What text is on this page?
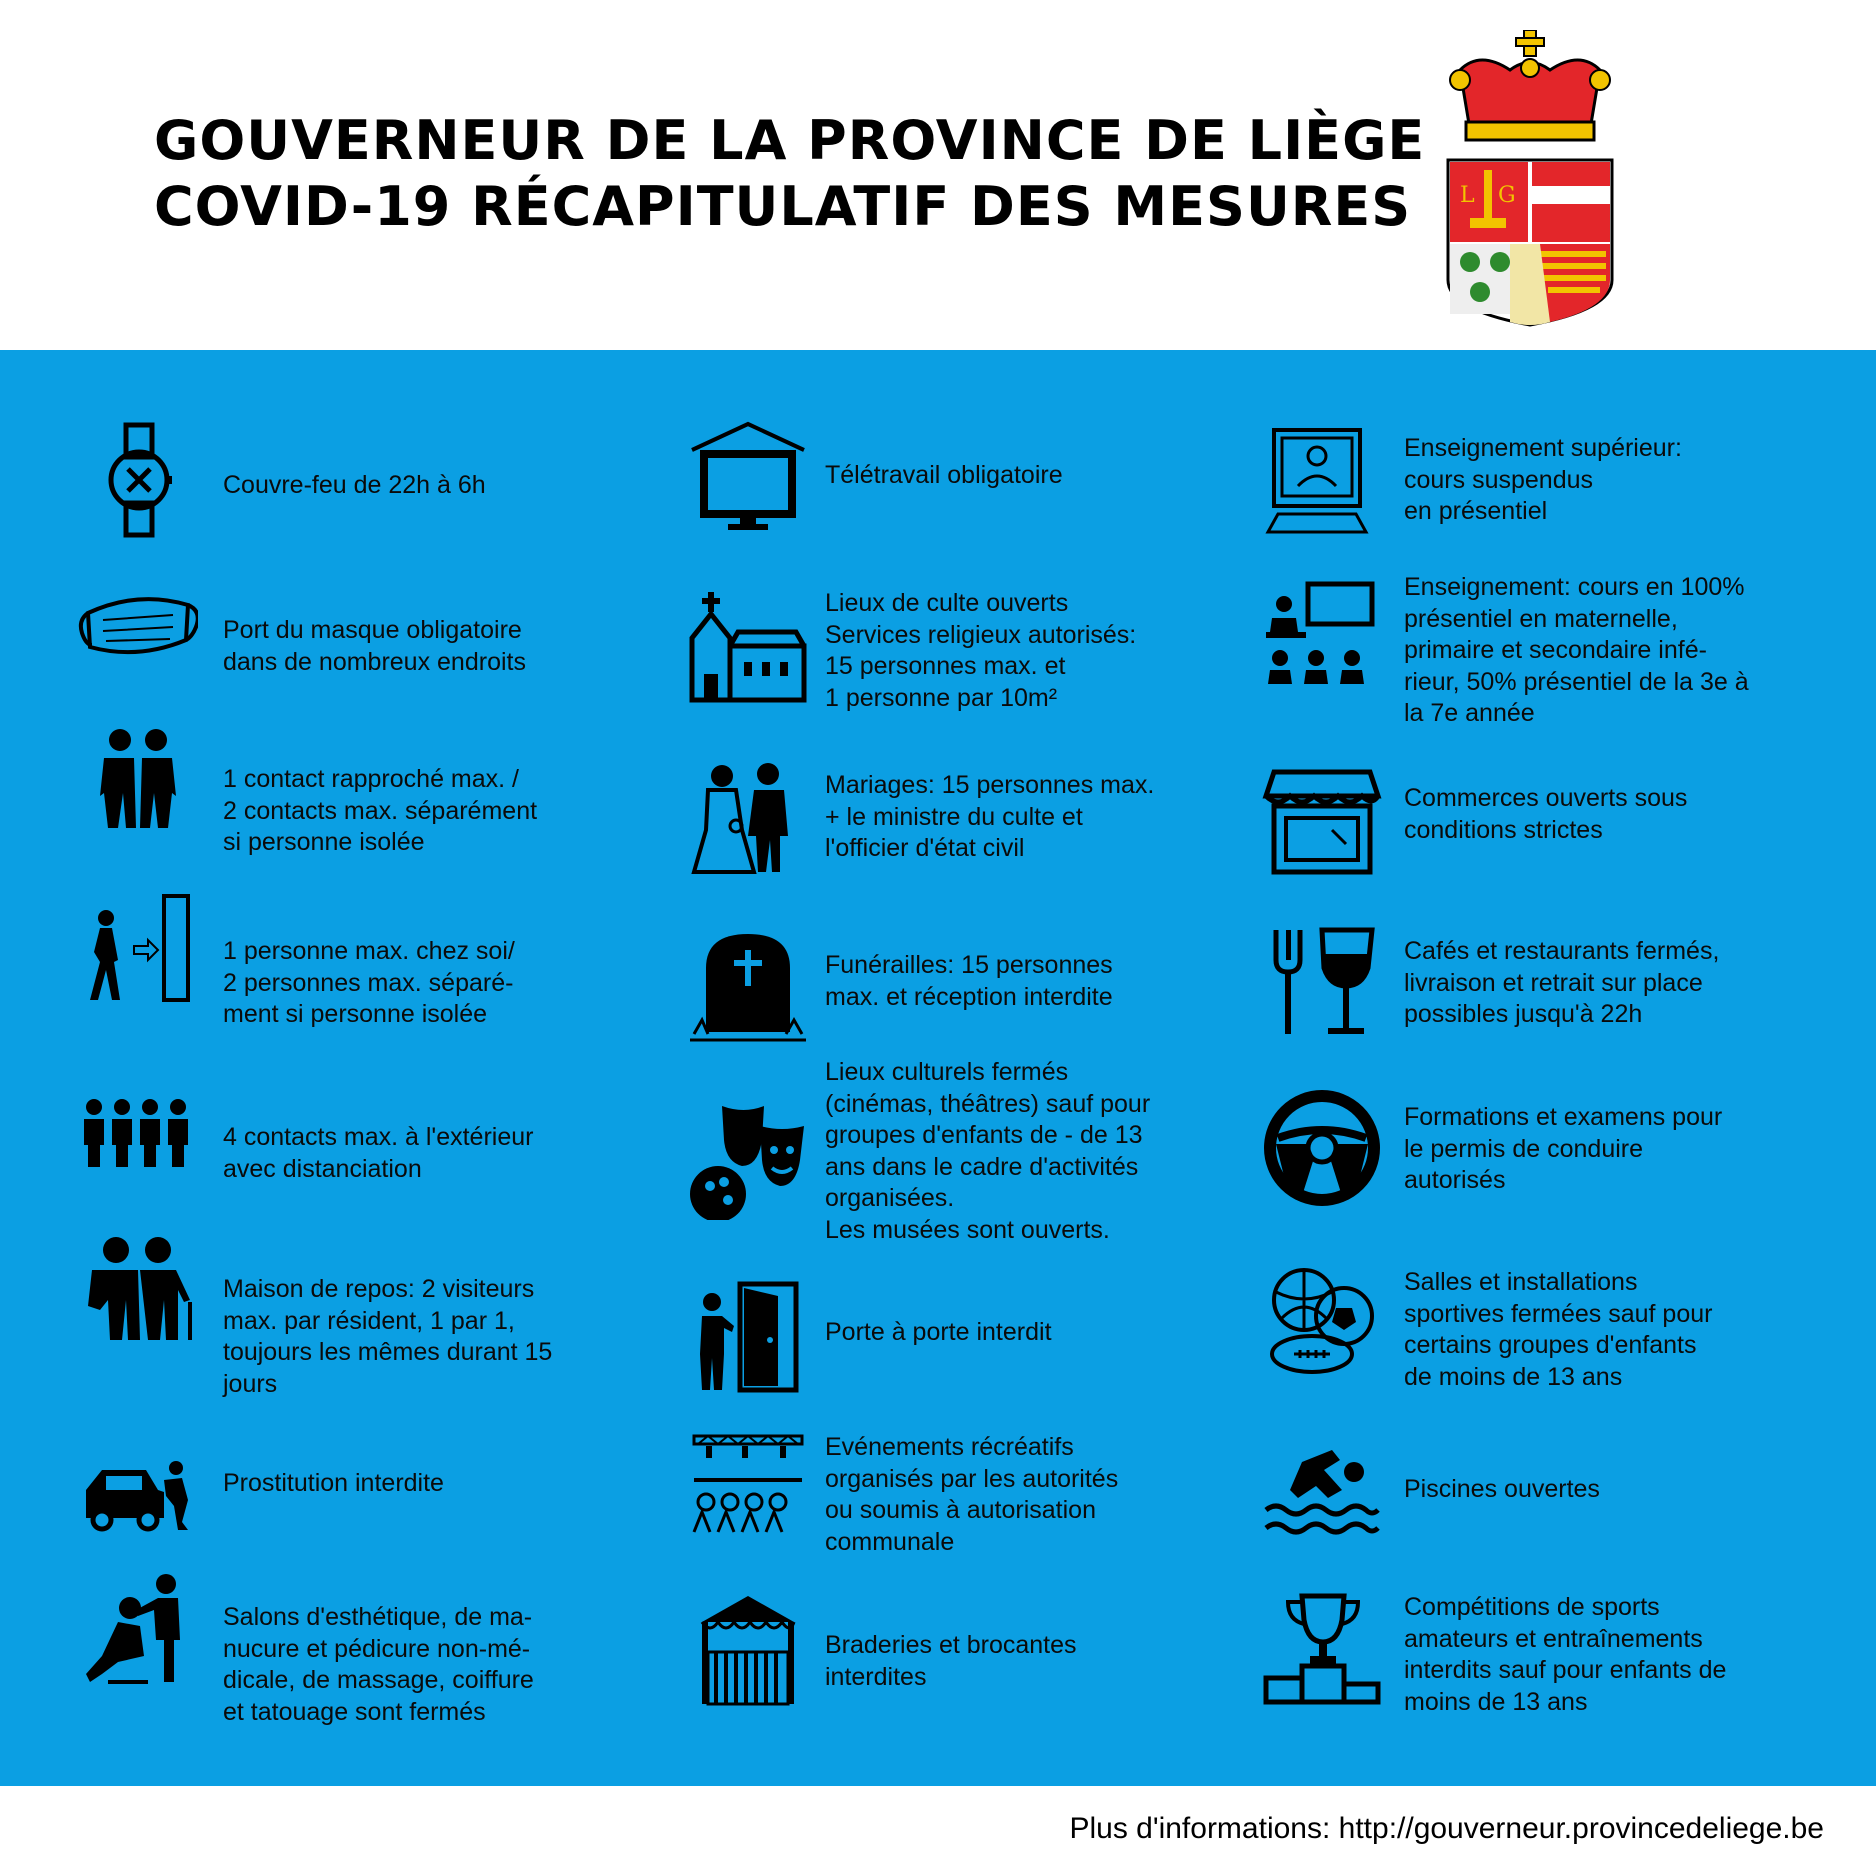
GOUVERNEUR DE LA PROVINCE DE LIÈGE
COVID-19 RÉCAPITULATIF DES MESURES	L G
Couvre-feu de 22h à 6h
Port du masque obligatoire
dans de nombreux endroits
1 contact rapproché max. /
2 contacts max. séparément
si personne isolée
1 personne max. chez soi/
2 personnes max. séparé-
ment si personne isolée
4 contacts max. à l'extérieur
avec distanciation
Maison de repos: 2 visiteurs
max. par résident, 1 par 1,
toujours les mêmes durant 15
jours
Prostitution interdite
Salons d'esthétique, de ma-
nucure et pédicure non-mé-
dicale, de massage, coiffure
et tatouage sont fermés
Télétravail obligatoire
Lieux de culte ouverts
Services religieux autorisés:
15 personnes max. et
1 personne par 10m²
Mariages: 15 personnes max.
+ le ministre du culte et
l'officier d'état civil
Funérailles: 15 personnes
max. et réception interdite
Lieux culturels fermés
(cinémas, théâtres) sauf pour
groupes d'enfants de - de 13
ans dans le cadre d'activités
organisées.
Les musées sont ouverts.
Porte à porte interdit
Evénements récréatifs
organisés par les autorités
ou soumis à autorisation
communale
Braderies et brocantes
interdites
Enseignement supérieur:
cours suspendus
en présentiel
Enseignement: cours en 100%
présentiel en maternelle,
primaire et secondaire infé-
rieur, 50% présentiel de la 3e à
la 7e année
Commerces ouverts sous
conditions strictes
Cafés et restaurants fermés,
livraison et retrait sur place
possibles jusqu'à 22h
Formations et examens pour
le permis de conduire
autorisés
Salles et installations
sportives fermées sauf pour
certains groupes d'enfants
de moins de 13 ans
Piscines ouvertes
Compétitions de sports
amateurs et entraînements
interdits sauf pour enfants de
moins de 13 ans
Plus d'informations: http://gouverneur.provincedeliege.be
